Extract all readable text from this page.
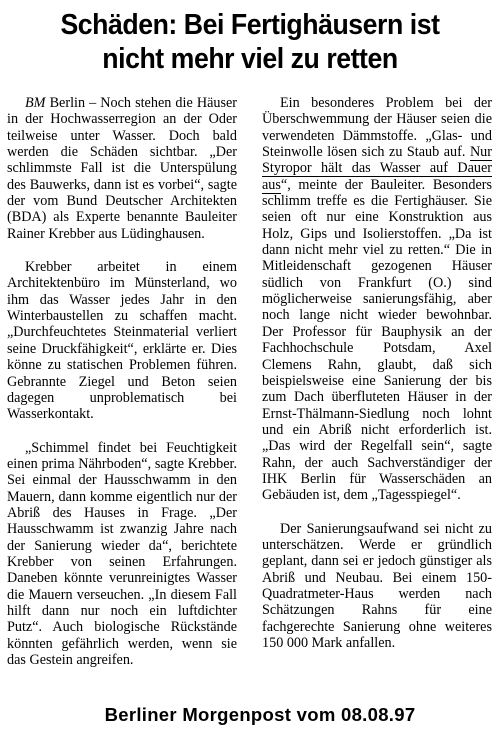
Schäden: Bei Fertighäusern ist
nicht mehr viel zu retten

BM Berlin – Noch stehen die Häuser in der Hochwasserregion an der Oder teilweise unter Wasser. Doch bald werden die Schäden sichtbar. „Der schlimmste Fall ist die Unterspülung des Bauwerks, dann ist es vorbei“, sagte der vom Bund Deutscher Architekten (BDA) als Experte benannte Bauleiter Rainer Krebber aus Lüdinghausen.

Krebber arbeitet in einem Architektenbüro im Münsterland, wo ihm das Wasser jedes Jahr in den Winterbaustellen zu schaffen macht. „Durchfeuchtetes Steinmaterial verliert seine Druckfähigkeit“, erklärte er. Dies könne zu statischen Problemen führen. Gebrannte Ziegel und Beton seien dagegen unproblematisch bei Wasserkontakt.

„Schimmel findet bei Feuchtigkeit einen prima Nährboden“, sagte Krebber. Sei einmal der Hausschwamm in den Mauern, dann komme eigentlich nur der Abriß des Hauses in Frage. „Der Hausschwamm ist zwanzig Jahre nach der Sanierung wieder da“, berichtete Krebber von seinen Erfahrungen. Daneben könnte verunreinigtes Wasser die Mauern verseuchen. „In diesem Fall hilft dann nur noch ein luftdichter Putz“. Auch biologische Rückstände könnten gefährlich werden, wenn sie das Gestein angreifen.

Ein besonderes Problem bei der Überschwemmung der Häuser seien die verwendeten Dämmstoffe. „Glas- und Steinwolle lösen sich zu Staub auf. Nur Styropor hält das Wasser auf Dauer aus“, meinte der Bauleiter. Besonders schlimm treffe es die Fertighäuser. Sie seien oft nur eine Konstruktion aus Holz, Gips und Isolierstoffen. „Da ist dann nicht mehr viel zu retten.“ Die in Mitleidenschaft gezogenen Häuser südlich von Frankfurt (O.) sind möglicherweise sanierungsfähig, aber noch lange nicht wieder bewohnbar. Der Professor für Bauphysik an der Fachhochschule Potsdam, Axel Clemens Rahn, glaubt, daß sich beispielsweise eine Sanierung der bis zum Dach überfluteten Häuser in der Ernst-Thälmann-Siedlung noch lohnt und ein Abriß nicht erforderlich ist. „Das wird der Regelfall sein“, sagte Rahn, der auch Sachverständiger der IHK Berlin für Wasserschäden an Gebäuden ist, dem „Tagesspiegel“.

Der Sanierungsaufwand sei nicht zu unterschätzen. Werde er gründlich geplant, dann sei er jedoch günstiger als Abriß und Neubau. Bei einem 150-Quadratmeter-Haus werden nach Schätzungen Rahns für eine fachgerechte Sanierung ohne weiteres 150 000 Mark anfallen.

Berliner Morgenpost vom 08.08.97
